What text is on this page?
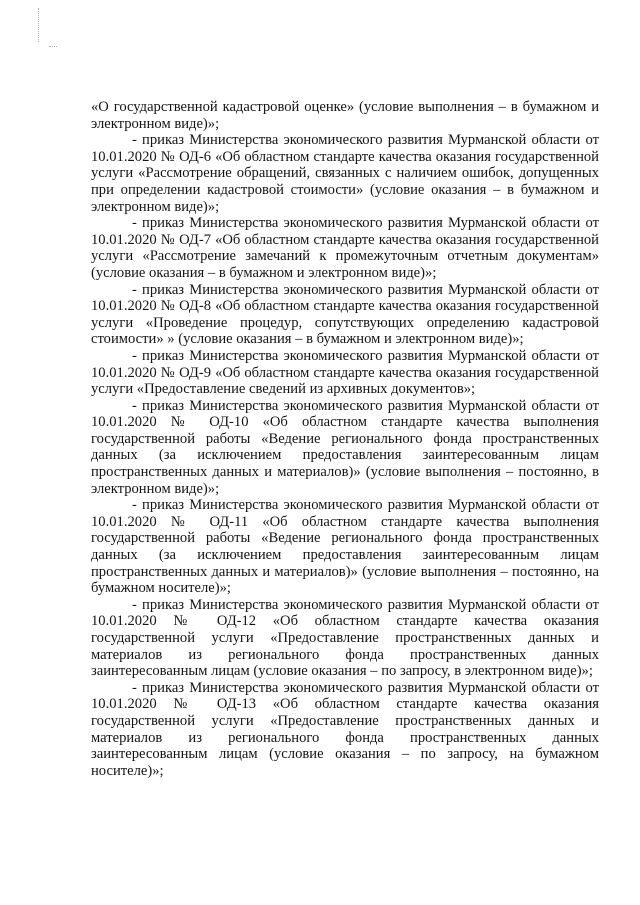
«О государственной кадастровой оценке» (условие выполнения – в бумажном и электронном виде)»;

- приказ Министерства экономического развития Мурманской области от 10.01.2020 № ОД-6 «Об областном стандарте качества оказания государственной услуги «Рассмотрение обращений, связанных с наличием ошибок, допущенных при определении кадастровой стоимости» (условие оказания – в бумажном и электронном виде)»;

- приказ Министерства экономического развития Мурманской области от 10.01.2020 № ОД-7 «Об областном стандарте качества оказания государственной услуги «Рассмотрение замечаний к промежуточным отчетным документам» (условие оказания – в бумажном и электронном виде)»;

- приказ Министерства экономического развития Мурманской области от 10.01.2020 № ОД-8 «Об областном стандарте качества оказания государственной услуги «Проведение процедур, сопутствующих определению кадастровой стоимости» » (условие оказания – в бумажном и электронном виде)»;

- приказ Министерства экономического развития Мурманской области от 10.01.2020 № ОД-9 «Об областном стандарте качества оказания государственной услуги «Предоставление сведений из архивных документов»;

- приказ Министерства экономического развития Мурманской области от 10.01.2020 № ОД-10 «Об областном стандарте качества выполнения государственной работы «Ведение регионального фонда пространственных данных (за исключением предоставления заинтересованным лицам пространственных данных и материалов)» (условие выполнения – постоянно, в электронном виде)»;

- приказ Министерства экономического развития Мурманской области от 10.01.2020 № ОД-11 «Об областном стандарте качества выполнения государственной работы «Ведение регионального фонда пространственных данных (за исключением предоставления заинтересованным лицам пространственных данных и материалов)» (условие выполнения – постоянно, на бумажном носителе)»;

- приказ Министерства экономического развития Мурманской области от 10.01.2020 № ОД-12 «Об областном стандарте качества оказания государственной услуги «Предоставление пространственных данных и материалов из регионального фонда пространственных данных заинтересованным лицам (условие оказания – по запросу, в электронном виде)»;

- приказ Министерства экономического развития Мурманской области от 10.01.2020 № ОД-13 «Об областном стандарте качества оказания государственной услуги «Предоставление пространственных данных и материалов из регионального фонда пространственных данных заинтересованным лицам (условие оказания – по запросу, на бумажном носителе)»;
